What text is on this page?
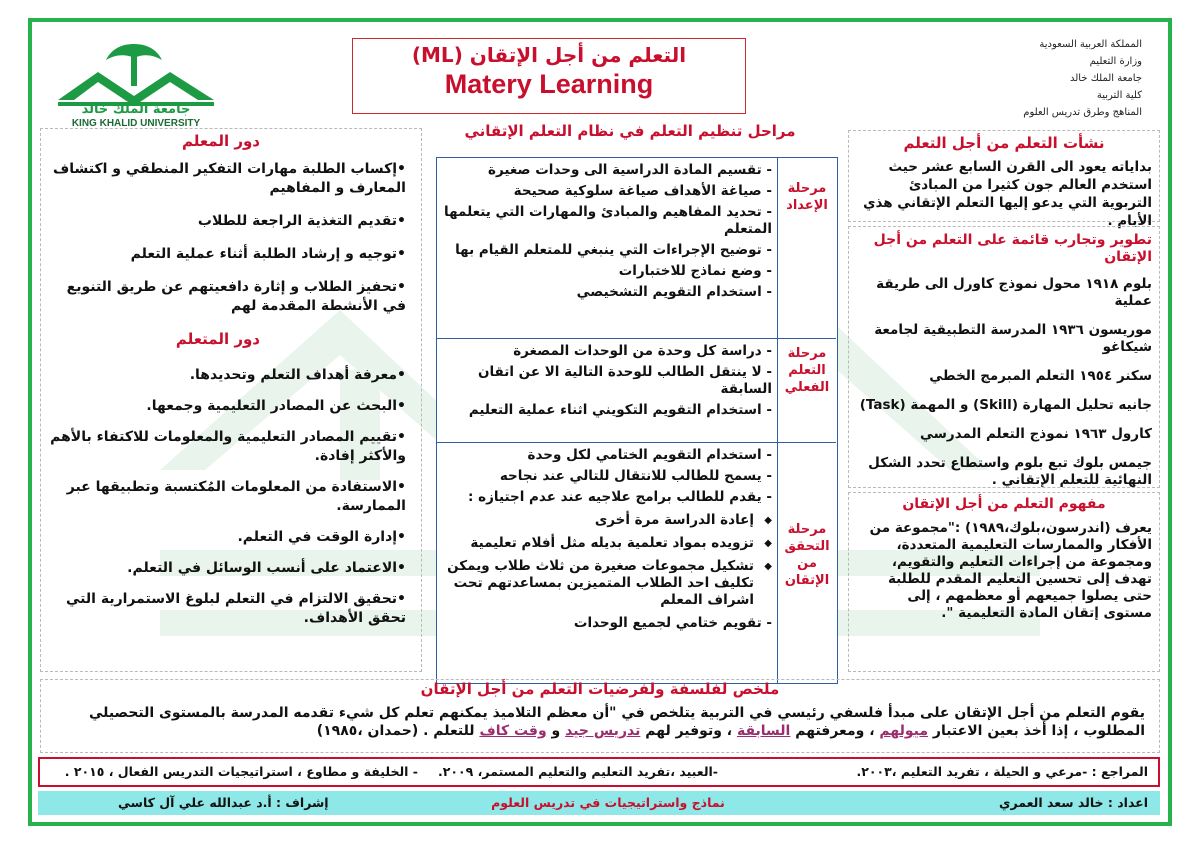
جامعة الملك خالد
KING KHALID UNIVERSITY
المملكة العربية السعودية
وزارة التعليم
جامعة الملك خالد
كلية التربية
المناهج وطرق تدريس العلوم
التعلم من أجل الإتقان (ML)
Matery Learning
مراحل تنظيم التعلم في نظام التعلم الإتقاني
دور المعلم
•إكساب الطلبة مهارات التفكير المنطقي و اكتشاف المعارف و المفاهيم
•تقديم التغذية الراجعة للطلاب
•توجيه و إرشاد الطلبة أثناء عملية التعلم
•تحفيز الطلاب و إثارة دافعيتهم عن طريق التنويع في الأنشطة المقدمة لهم
دور المتعلم
•معرفة أهداف التعلم وتحديدها.
•البحث عن المصادر التعليمية وجمعها.
•تقييم المصادر التعليمية والمعلومات للاكتفاء بالأهم والأكثر إفادة.
•الاستفادة من المعلومات المُكتسبة وتطبيقها عبر الممارسة.
•إدارة الوقت في التعلم.
•الاعتماد على أنسب الوسائل في التعلم.
•تحقيق الالتزام في التعلم لبلوغ الاستمرارية التي تحقق الأهداف.
مرحلة الإعداد
- تقسيم المادة الدراسية الى وحدات صغيرة
- صياغة الأهداف صياغة سلوكية صحيحة
- تحديد المفاهيم والمبادئ والمهارات التي يتعلمها المتعلم
- توضيح الإجراءات التي ينبغي للمتعلم القيام بها
- وضع نماذج للاختبارات
- استخدام التقويم التشخيصي
مرحلة التعلم الفعلي
- دراسة كل وحدة من الوحدات المصغرة
- لا ينتقل الطالب للوحدة التالية الا عن اتقان السابقة
- استخدام التقويم التكويني اثناء عملية التعليم
مرحلة التحقق من الإتقان
- استخدام التقويم الختامي لكل وحدة
- يسمح للطالب للانتقال للتالي عند نجاحه
- يقدم للطالب برامج علاجيه عند عدم اجتيازه :
◆ إعادة الدراسة مرة أخرى
◆ تزويده بمواد تعلمية بديله مثل أفلام تعليمية
◆ تشكيل مجموعات صغيرة من ثلاث طلاب ويمكن تكليف احد الطلاب المتميزين بمساعدتهم تحت اشراف المعلم
- تقويم ختامي لجميع الوحدات
نشأت التعلم من أجل التعلم
بداياته يعود الى القرن السابع عشر حيث استخدم العالم جون كثيرا من المبادئ التربوية التي يدعو إليها التعلم الإتقاني هذي الأيام .
تطوير وتجارب قائمة على التعلم من أجل الإتقان
بلوم ١٩١٨ محول نموذج كاورل الى طريقة عملية
موريسون ١٩٣٦ المدرسة التطبيقية لجامعة شيكاغو
سكنر ١٩٥٤ التعلم المبرمج الخطي
جانيه تحليل المهارة (Skill) و المهمة (Task)
كارول ١٩٦٣ نموذج التعلم المدرسي
جيمس بلوك تبع بلوم واستطاع تحدد الشكل النهائية للتعلم الإتقاني .
مفهوم التعلم من أجل الإتقان
يعرف (اندرسون،بلوك،١٩٨٩) :"مجموعة من الأفكار والممارسات التعليمية المتعددة، ومجموعة من إجراءات التعليم والتقويم، تهدف إلى تحسين التعليم المقدم للطلبة حتى يصلوا جميعهم أو معظمهم ، إلى مستوى إتقان المادة التعليمية ".
ملخص لفلسفة ولفرضيات التعلم من أجل الإتقان
يقوم التعلم من أجل الإتقان على مبدأ فلسفي رئيسي في التربية يتلخص في "أن معظم التلاميذ يمكنهم تعلم كل شيء تقدمه المدرسة بالمستوى التحصيلي المطلوب ، إذا أخذ بعين الاعتبار ميولهم ، ومعرفتهم السابقة ، وتوفير لهم تدريس جيد و وقت كاف للتعلم . (حمدان ،١٩٨٥)
المراجع : -مرعي و الحيلة ، تفريد التعليم ،٢٠٠٣.
-العبيد ،تفريد التعليم والتعليم المستمر، ٢٠٠٩.
- الخليفة و مطاوع ، استراتيجيات التدريس الفعال ، ٢٠١٥ .
اعداد : خالد سعد العمري
نماذج واستراتيجيات في تدريس العلوم
إشراف : أ.د عبدالله علي آل كاسي
